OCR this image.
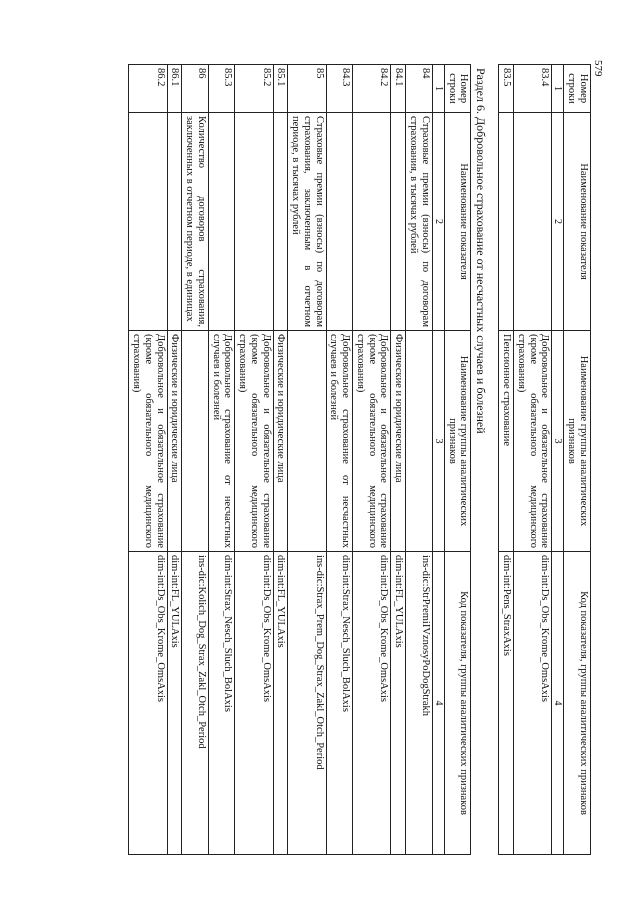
579
Номер строки	Наименование показателя	Наименование группы аналитических признаков	Код показателя, группы аналитических признаков
1	2	3	4
83.4		Добровольное и обязательное страхование (кроме обязательного медицинского страхования)	dim-int:Ds_Obs_Krome_OmsAxis
83.5		Пенсионное страхование	dim-int:Pens_StraxAxis
Раздел 6. Добровольное страхование от несчастных случаев и болезней
Номер строки	Наименование показателя	Наименование группы аналитических признаков	Код показателя, группы аналитических признаков
1	2	3	4
84	Страховые премии (взносы) по договорам страхования, в тысячах рублей		ins-dic:StrPremiIVznosyPoDogStrakh
84.1		Физические и юридические лица	dim-int:FL_YULAxis
84.2		Добровольное и обязательное страхование (кроме обязательного медицинского страхования)	dim-int:Ds_Obs_Krome_OmsAxis
84.3		Добровольное страхование от несчастных случаев и болезней	dim-int:Strax_Nesch_Sluch_BolAxis
85	Страховые премии (взносы) по договорам страхования, заключенным в отчетном периоде, в тысячах рублей		ins-dic:Strax_Prem_Dog_Strax_Zakl_Otch_Period
85.1		Физические и юридические лица	dim-int:FL_YULAxis
85.2		Добровольное и обязательное страхование (кроме обязательного медицинского страхования)	dim-int:Ds_Obs_Krome_OmsAxis
85.3		Добровольное страхование от несчастных случаев и болезней	dim-int:Strax_Nesch_Sluch_BolAxis
86	Количество договоров страхования, заключенных в отчетном периоде, в единицах		ins-dic:Kolich_Dog_Strax_Zakl_Otch_Period
86.1		Физические и юридические лица	dim-int:FL_YULAxis
86.2		Добровольное и обязательное страхование (кроме обязательного медицинского страхования)	dim-int:Ds_Obs_Krome_OmsAxis
